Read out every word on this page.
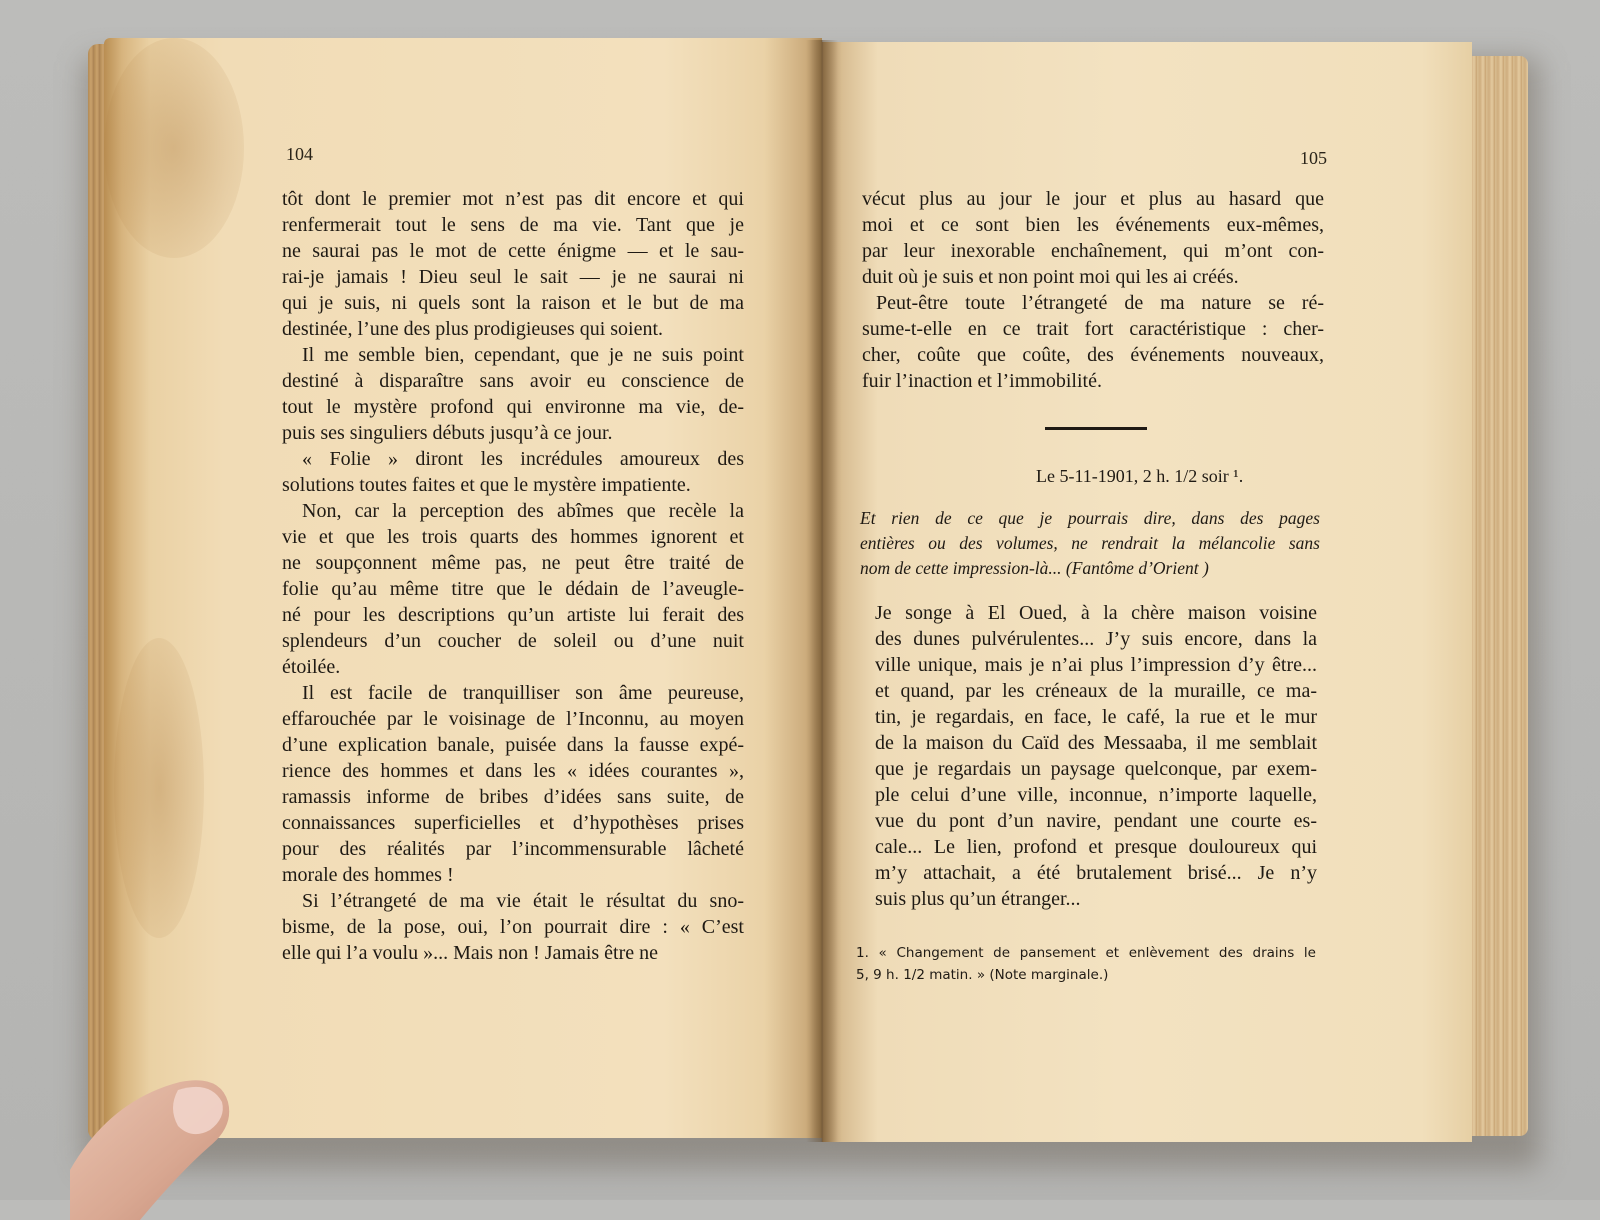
104
tôt dont le premier mot n’est pas dit encore et qui
renfermerait tout le sens de ma vie. Tant que je
ne saurai pas le mot de cette énigme — et le sau-
rai-je jamais ! Dieu seul le sait — je ne saurai ni
qui je suis, ni quels sont la raison et le but de ma
destinée, l’une des plus prodigieuses qui soient.
Il me semble bien, cependant, que je ne suis point
destiné à disparaître sans avoir eu conscience de
tout le mystère profond qui environne ma vie, de-
puis ses singuliers débuts jusqu’à ce jour.
« Folie » diront les incrédules amoureux des
solutions toutes faites et que le mystère impatiente.
Non, car la perception des abîmes que recèle la
vie et que les trois quarts des hommes ignorent et
ne soupçonnent même pas, ne peut être traité de
folie qu’au même titre que le dédain de l’aveugle-
né pour les descriptions qu’un artiste lui ferait des
splendeurs d’un coucher de soleil ou d’une nuit
étoilée.
Il est facile de tranquilliser son âme peureuse,
effarouchée par le voisinage de l’Inconnu, au moyen
d’une explication banale, puisée dans la fausse expé-
rience des hommes et dans les « idées courantes »,
ramassis informe de bribes d’idées sans suite, de
connaissances superficielles et d’hypothèses prises
pour des réalités par l’incommensurable lâcheté
morale des hommes !
Si l’étrangeté de ma vie était le résultat du sno-
bisme, de la pose, oui, l’on pourrait dire : « C’est
elle qui l’a voulu »... Mais non ! Jamais être ne
105
vécut plus au jour le jour et plus au hasard que
moi et ce sont bien les événements eux-mêmes,
par leur inexorable enchaînement, qui m’ont con-
duit où je suis et non point moi qui les ai créés.
Peut-être toute l’étrangeté de ma nature se ré-
sume-t-elle en ce trait fort caractéristique : cher-
cher, coûte que coûte, des événements nouveaux,
fuir l’inaction et l’immobilité.
Le 5-11-1901, 2 h. 1/2 soir ¹.
Et rien de ce que je pourrais dire, dans des pages
entières ou des volumes, ne rendrait la mélancolie sans
nom de cette impression-là... (Fantôme d’Orient )
Je songe à El Oued, à la chère maison voisine
des dunes pulvérulentes... J’y suis encore, dans la
ville unique, mais je n’ai plus l’impression d’y être...
et quand, par les créneaux de la muraille, ce ma-
tin, je regardais, en face, le café, la rue et le mur
de la maison du Caïd des Messaaba, il me semblait
que je regardais un paysage quelconque, par exem-
ple celui d’une ville, inconnue, n’importe laquelle,
vue du pont d’un navire, pendant une courte es-
cale... Le lien, profond et presque douloureux qui
m’y attachait, a été brutalement brisé... Je n’y
suis plus qu’un étranger...
1. « Changement de pansement et enlèvement des drains le
5, 9 h. 1/2 matin. » (Note marginale.)
